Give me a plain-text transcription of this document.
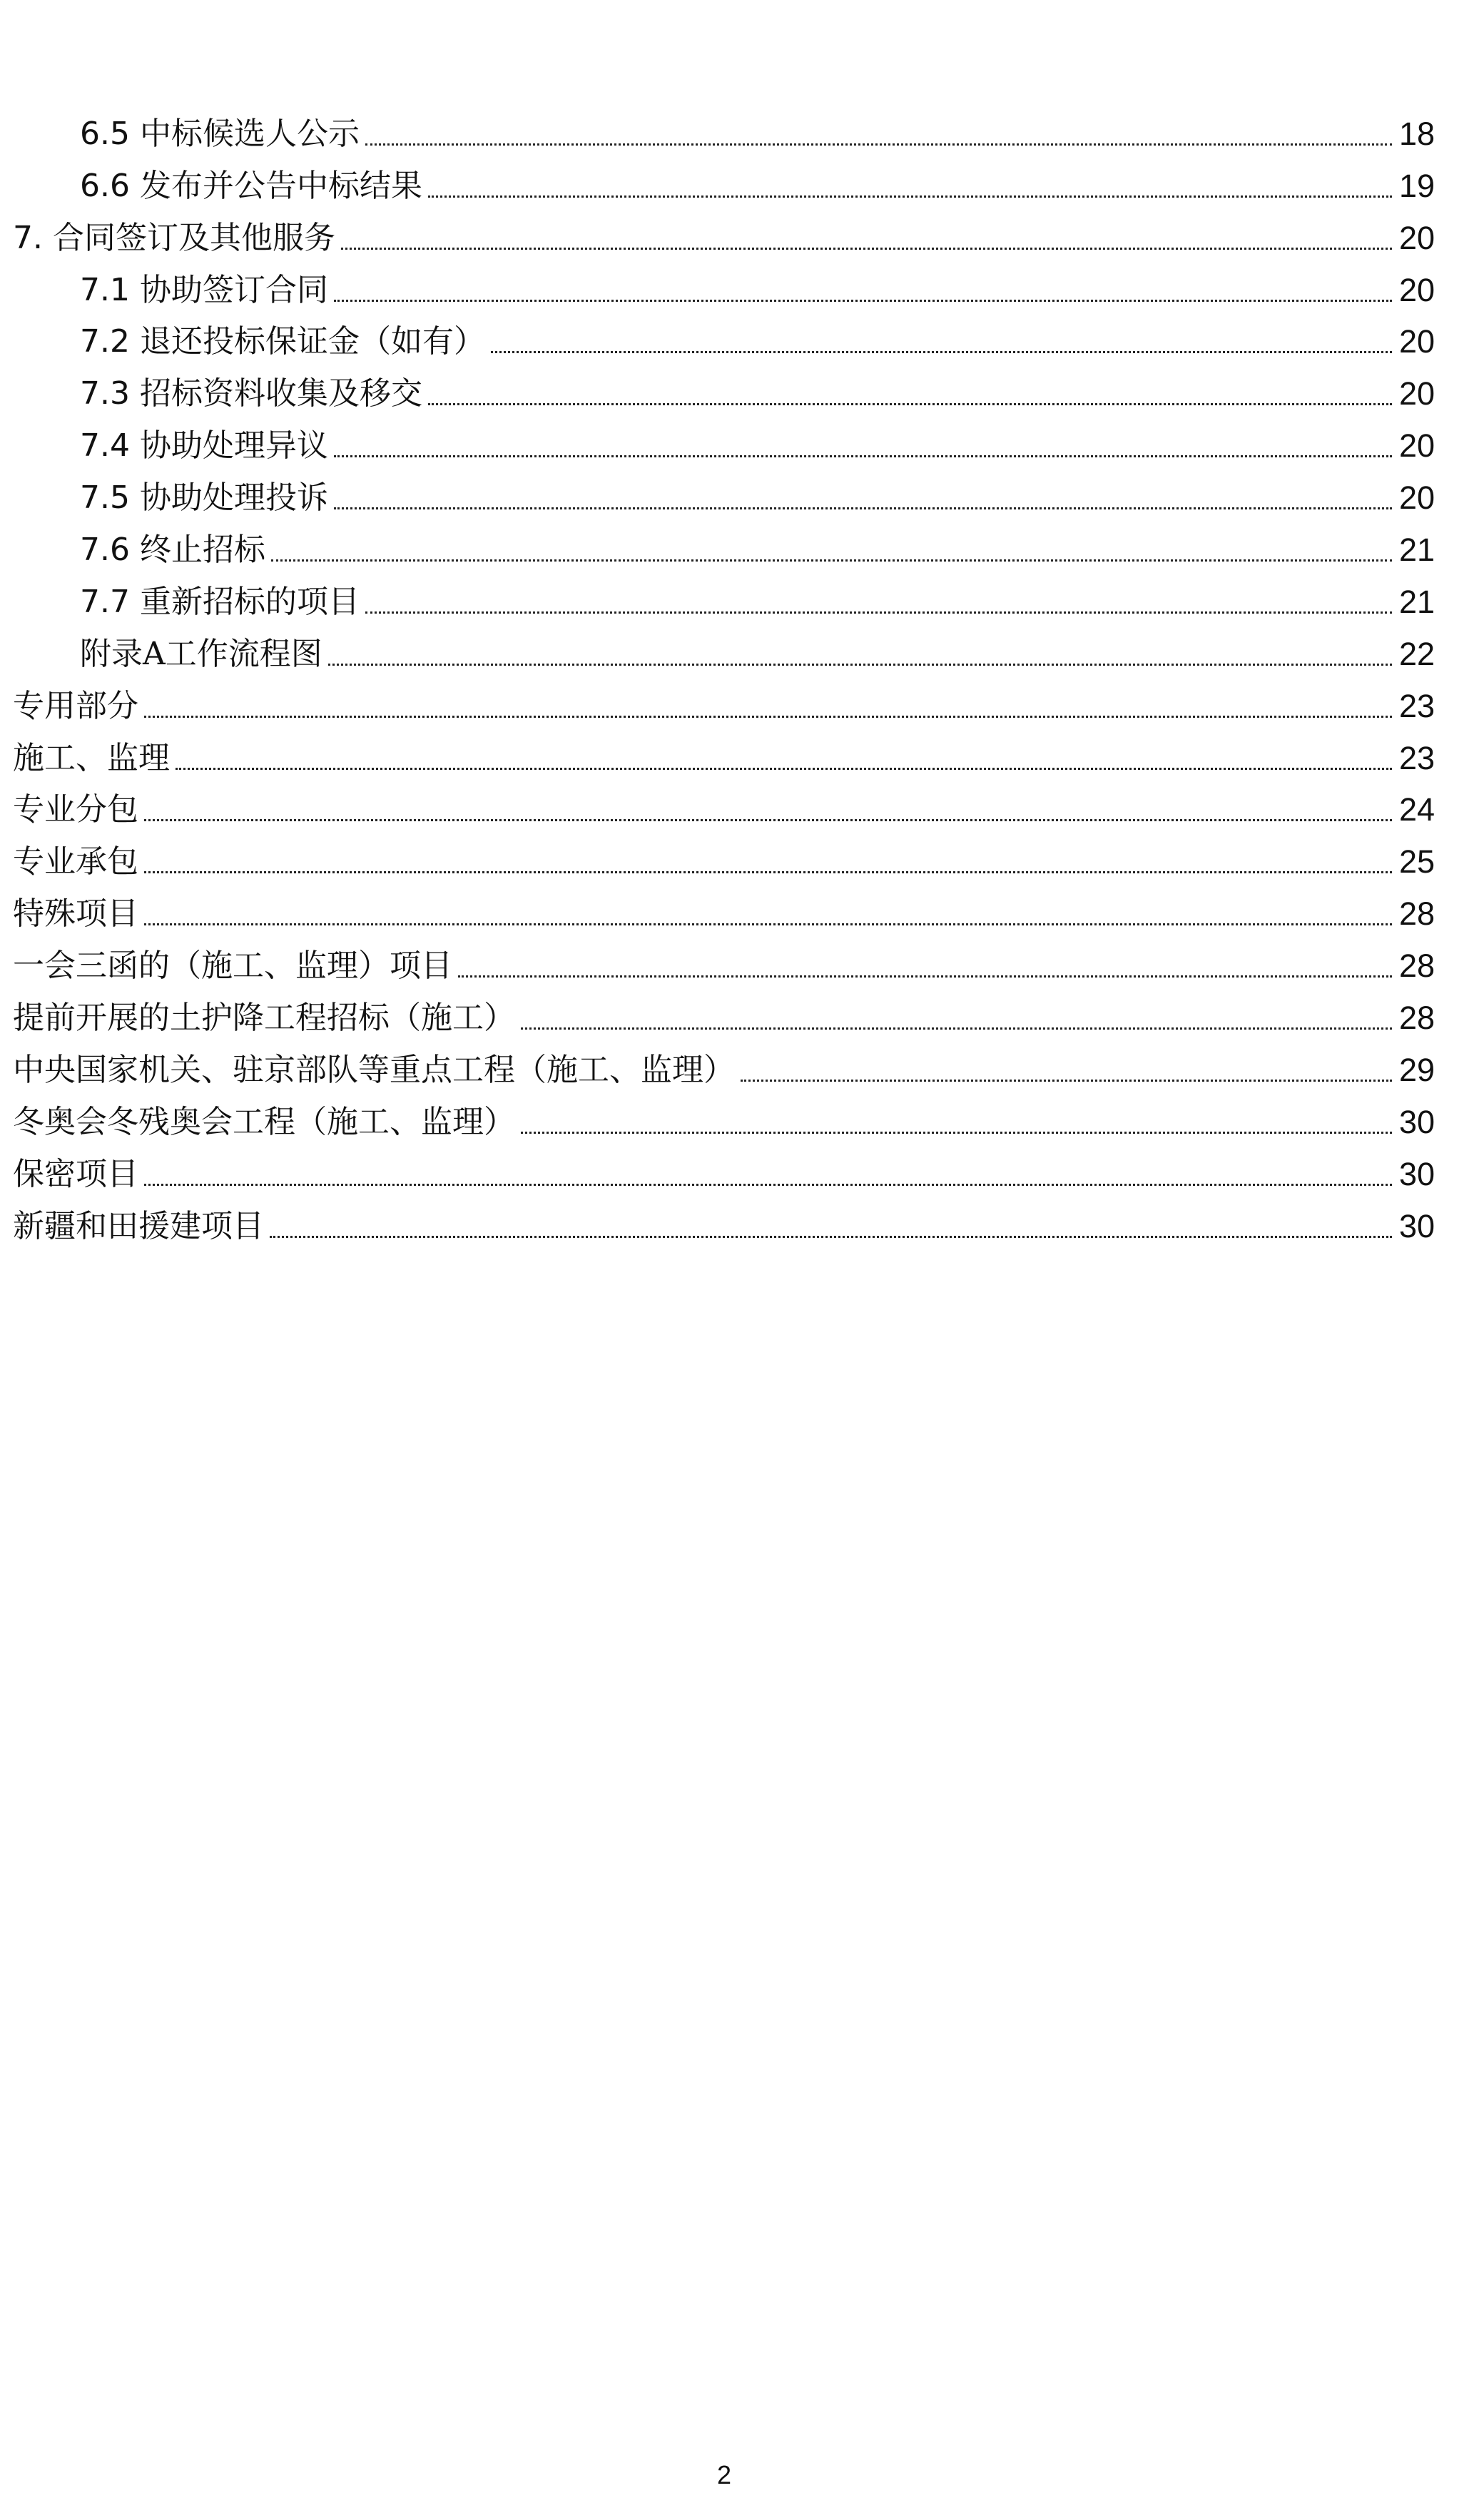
6.5 中标候选人公示	18
6.6 发布并公告中标结果	19
7. 合同签订及其他服务	20
7.1 协助签订合同	20
7.2 退还投标保证金（如有）	20
7.3 招标资料收集及移交	20
7.4 协助处理异议	20
7.5 协助处理投诉	20
7.6 终止招标	21
7.7 重新招标的项目	21
附录A工作流程图	22
专用部分	23
施工、监理	23
专业分包	24
专业承包	25
特殊项目	28
一会三函的（施工、监理）项目	28
提前开展的土护降工程招标（施工）	28
中央国家机关、驻京部队等重点工程（施工、监理）	29
冬奥会冬残奥会工程（施工、监理）	30
保密项目	30
新疆和田援建项目	30
2
